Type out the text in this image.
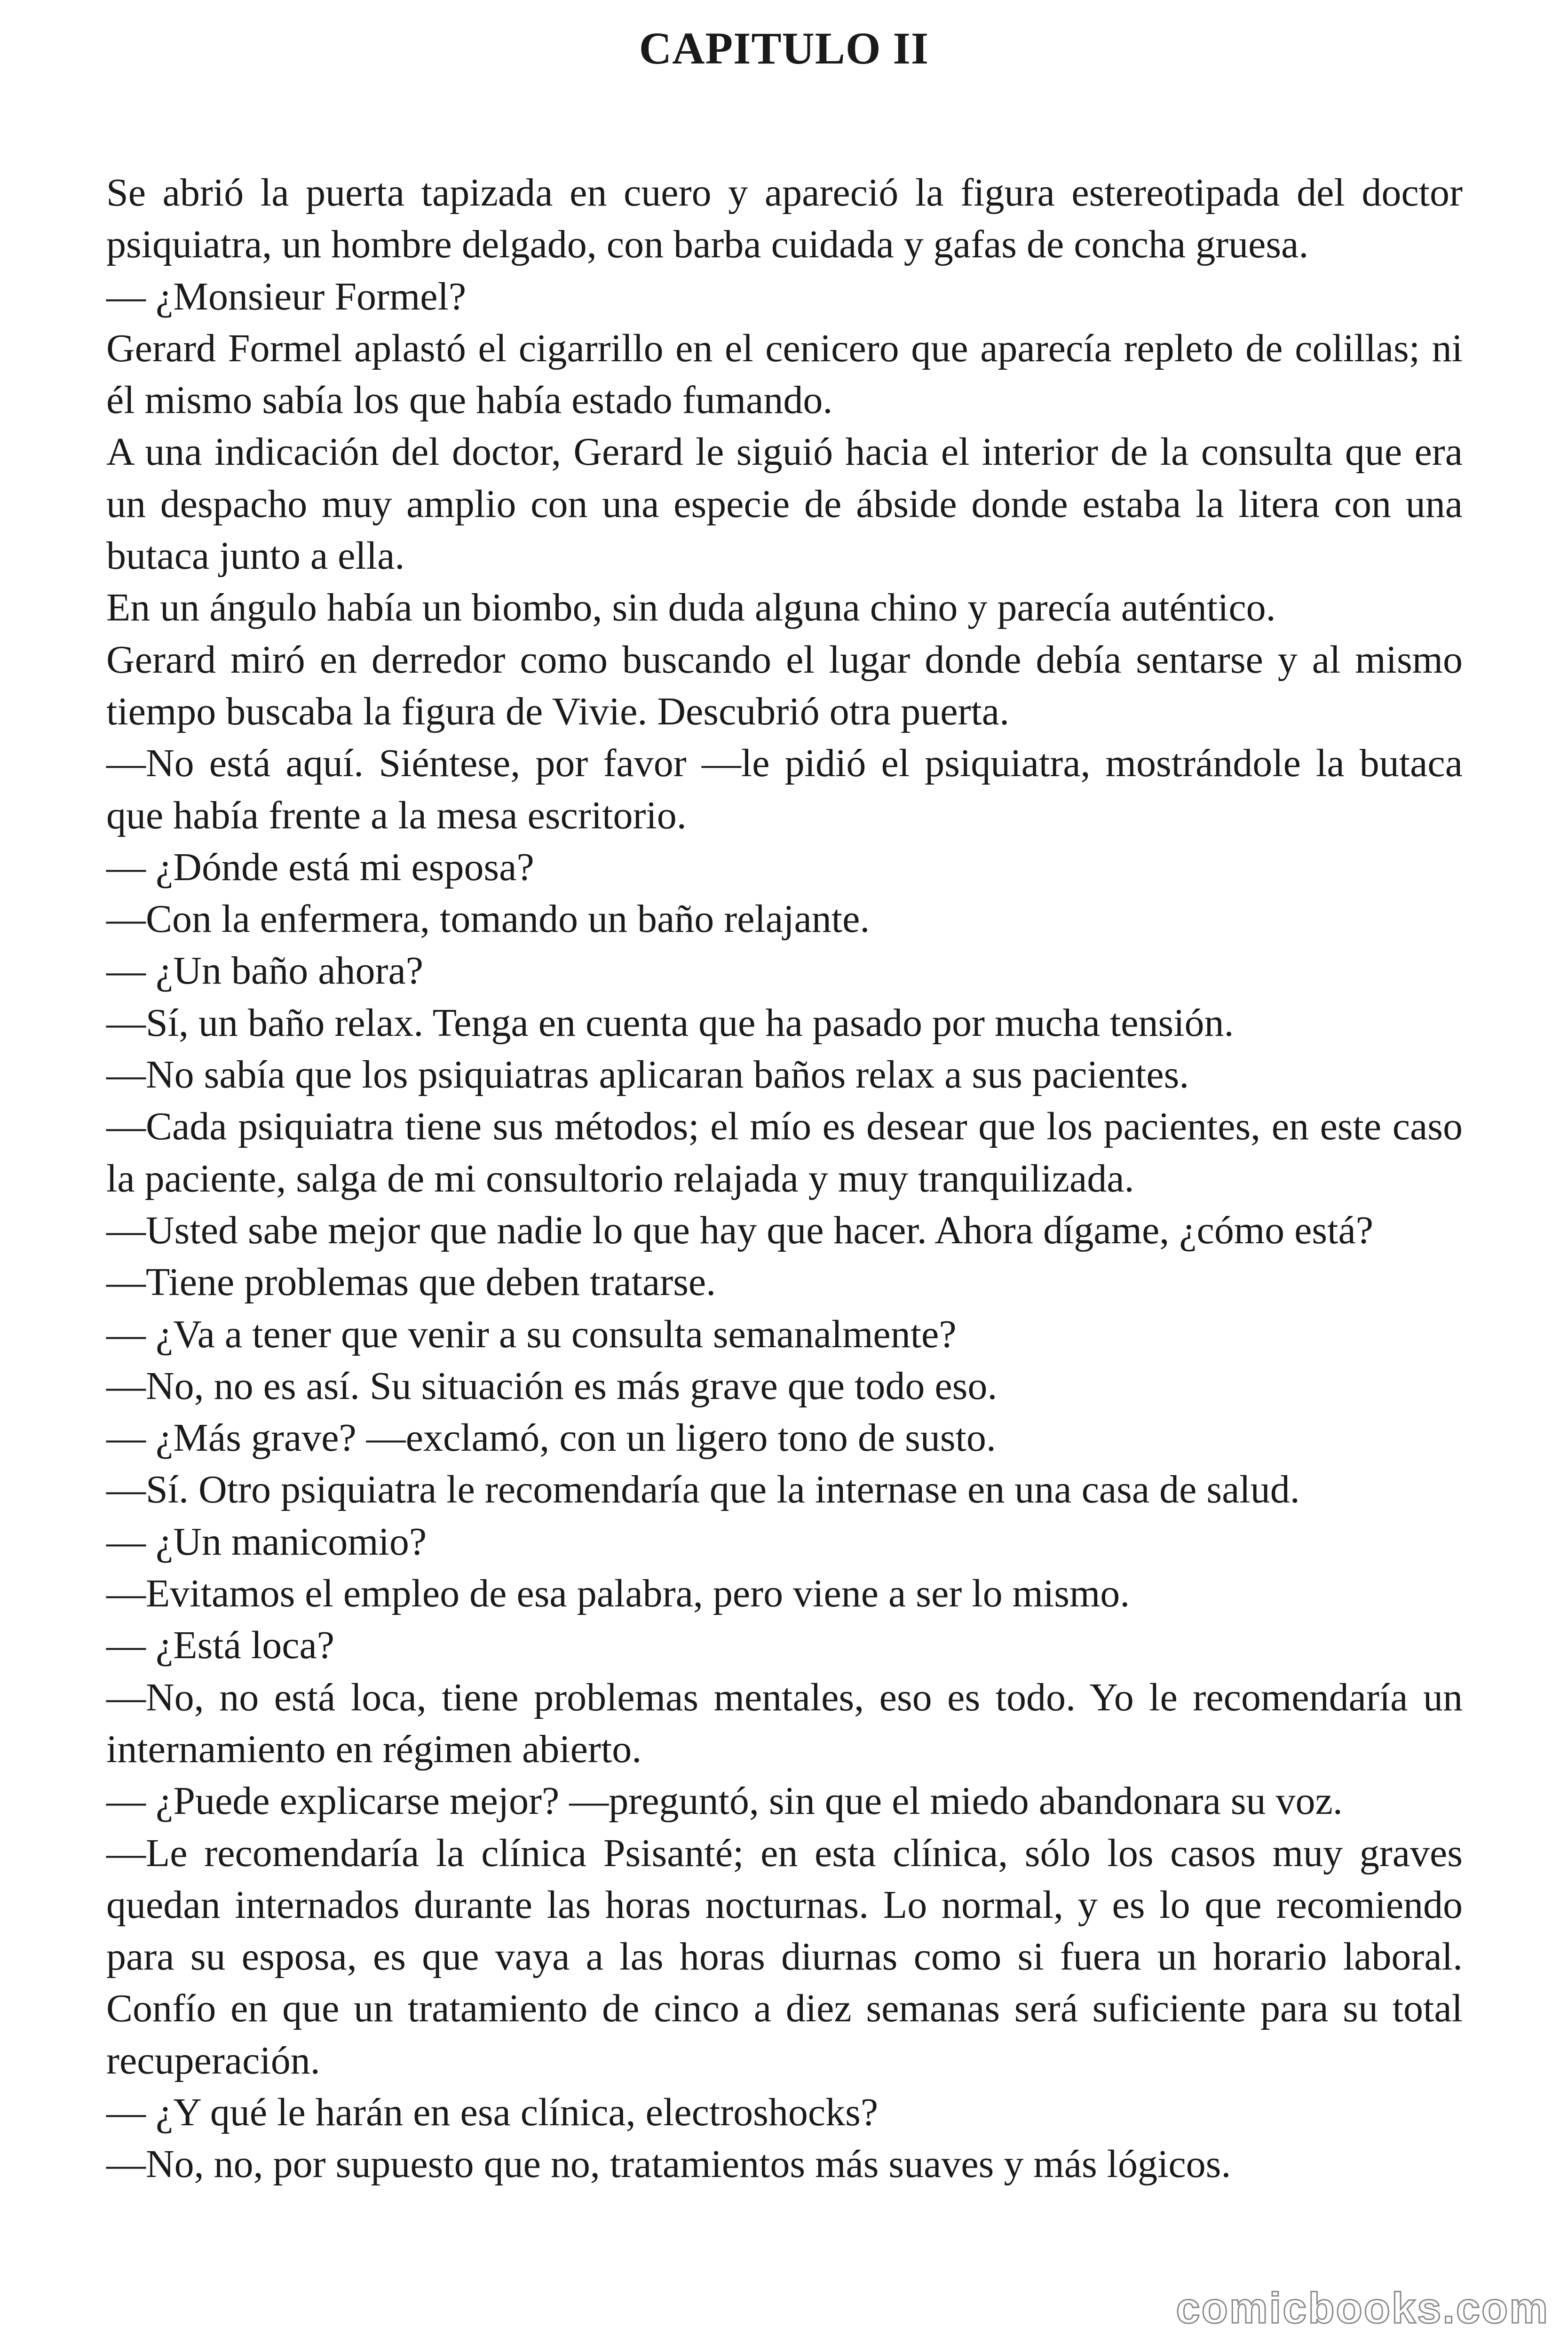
CAPITULO II

Se abrió la puerta tapizada en cuero y apareció la figura estereotipada del doctor psiquiatra, un hombre delgado, con barba cuidada y gafas de concha gruesa.

— ¿Monsieur Formel?

Gerard Formel aplastó el cigarrillo en el cenicero que aparecía repleto de colillas; ni él mismo sabía los que había estado fumando.

A una indicación del doctor, Gerard le siguió hacia el interior de la consulta que era un despacho muy amplio con una especie de ábside donde estaba la litera con una butaca junto a ella.

En un ángulo había un biombo, sin duda alguna chino y parecía auténtico.

Gerard miró en derredor como buscando el lugar donde debía sentarse y al mismo tiempo buscaba la figura de Vivie. Descubrió otra puerta.

—No está aquí. Siéntese, por favor —le pidió el psiquiatra, mostrándole la butaca que había frente a la mesa escritorio.

— ¿Dónde está mi esposa?

—Con la enfermera, tomando un baño relajante.

— ¿Un baño ahora?

—Sí, un baño relax. Tenga en cuenta que ha pasado por mucha tensión.

—No sabía que los psiquiatras aplicaran baños relax a sus pacientes.

—Cada psiquiatra tiene sus métodos; el mío es desear que los pacientes, en este caso la paciente, salga de mi consultorio relajada y muy tranquilizada.

—Usted sabe mejor que nadie lo que hay que hacer. Ahora dígame, ¿cómo está?

—Tiene problemas que deben tratarse.

— ¿Va a tener que venir a su consulta semanalmente?

—No, no es así. Su situación es más grave que todo eso.

— ¿Más grave? —exclamó, con un ligero tono de susto.

—Sí. Otro psiquiatra le recomendaría que la internase en una casa de salud.

— ¿Un manicomio?

—Evitamos el empleo de esa palabra, pero viene a ser lo mismo.

— ¿Está loca?

—No, no está loca, tiene problemas mentales, eso es todo. Yo le recomendaría un internamiento en régimen abierto.

— ¿Puede explicarse mejor? —preguntó, sin que el miedo abandonara su voz.

—Le recomendaría la clínica Psisanté; en esta clínica, sólo los casos muy graves quedan internados durante las horas nocturnas. Lo normal, y es lo que recomiendo para su esposa, es que vaya a las horas diurnas como si fuera un horario laboral. Confío en que un tratamiento de cinco a diez semanas será suficiente para su total recuperación.

— ¿Y qué le harán en esa clínica, electroshocks?

—No, no, por supuesto que no, tratamientos más suaves y más lógicos.

comicbooks.com
